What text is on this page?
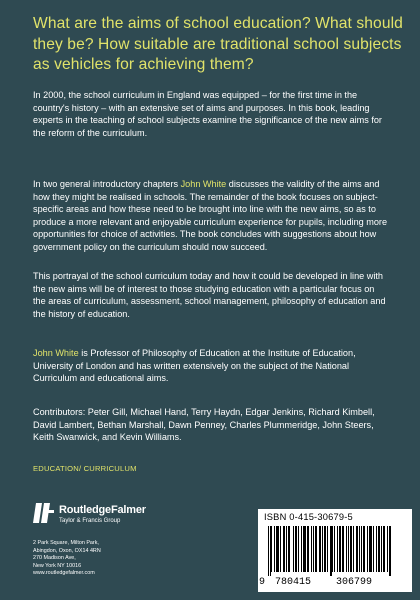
What are the aims of school education? What should they be? How suitable are traditional school subjects as vehicles for achieving them?

In 2000, the school curriculum in England was equipped – for the first time in the country's history – with an extensive set of aims and purposes. In this book, leading experts in the teaching of school subjects examine the significance of the new aims for the reform of the curriculum.

In two general introductory chapters John White discusses the validity of the aims and how they might be realised in schools. The remainder of the book focuses on subject-specific areas and how these need to be brought into line with the new aims, so as to produce a more relevant and enjoyable curriculum experience for pupils, including more opportunities for choice of activities. The book concludes with suggestions about how government policy on the curriculum should now succeed.

This portrayal of the school curriculum today and how it could be developed in line with the new aims will be of interest to those studying education with a particular focus on the areas of curriculum, assessment, school management, philosophy of education and the history of education.

John White is Professor of Philosophy of Education at the Institute of Education, University of London and has written extensively on the subject of the National Curriculum and educational aims.

Contributors: Peter Gill, Michael Hand, Terry Haydn, Edgar Jenkins, Richard Kimbell, David Lambert, Bethan Marshall, Dawn Penney, Charles Plummeridge, John Steers, Keith Swanwick, and Kevin Williams.

EDUCATION/ CURRICULUM
RoutledgeFalmer
Taylor & Francis Group
2 Park Square, Milton Park,
Abingdon, Oxon, OX14 4RN
270 Madison Ave,
New York NY 10016
www.routledgefalmer.com
ISBN 0-415-30679-5
9 780415 306799
